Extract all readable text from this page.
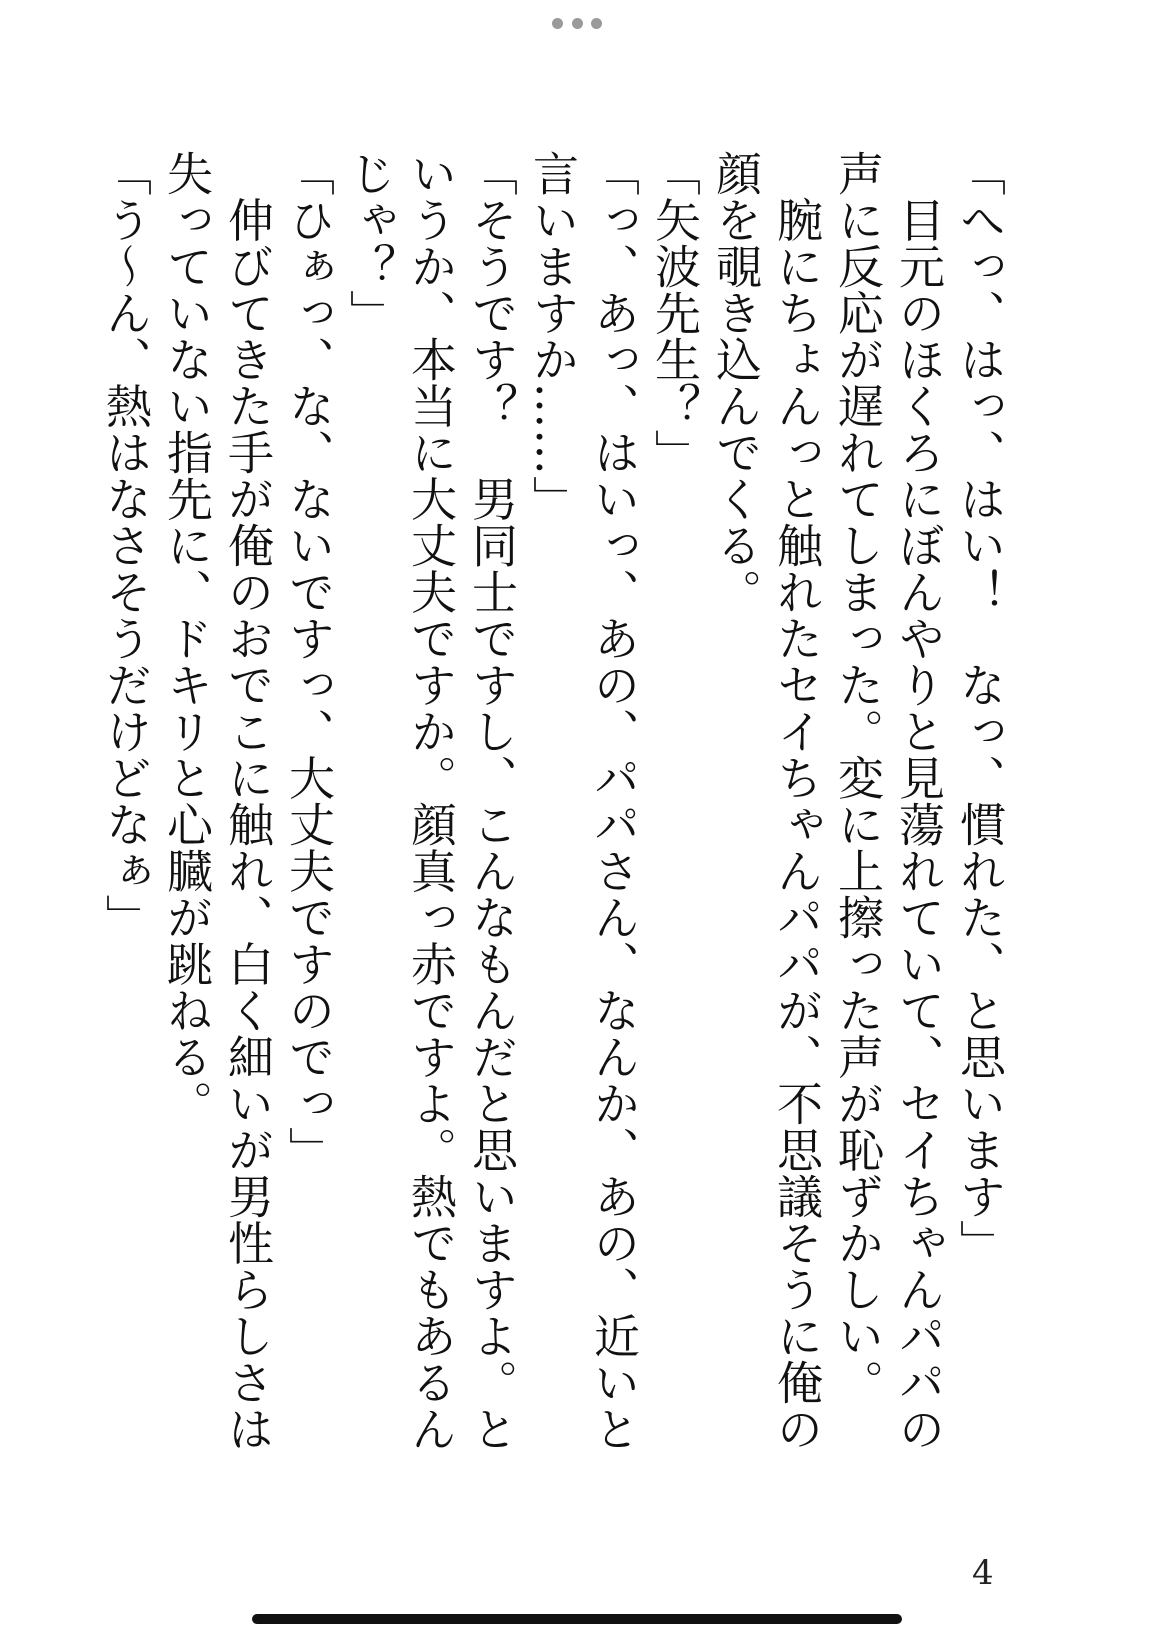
「へっ、はっ、はい！　なっ、慣れた、と思います」

　目元のほくろにぼんやりと見蕩れていて、セイちゃんパパの声に反応が遅れてしまった。変に上擦った声が恥ずかしい。

　腕にちょんっと触れたセイちゃんパパが、不思議そうに俺の顔を覗き込んでくる。

「矢波先生？」

「っ、あっ、はいっ、あの、パパさん、なんか、あの、近いと言いますか……」

「そうです？　男同士ですし、こんなもんだと思いますよ。というか、本当に大丈夫ですか。顔真っ赤ですよ。熱でもあるんじゃ？」

「ひぁっ、な、ないですっ、大丈夫ですのでっ」

　伸びてきた手が俺のおでこに触れ、白く細いが男性らしさは失っていない指先に、ドキリと心臓が跳ねる。

「う～ん、熱はなさそうだけどなぁ」

4
